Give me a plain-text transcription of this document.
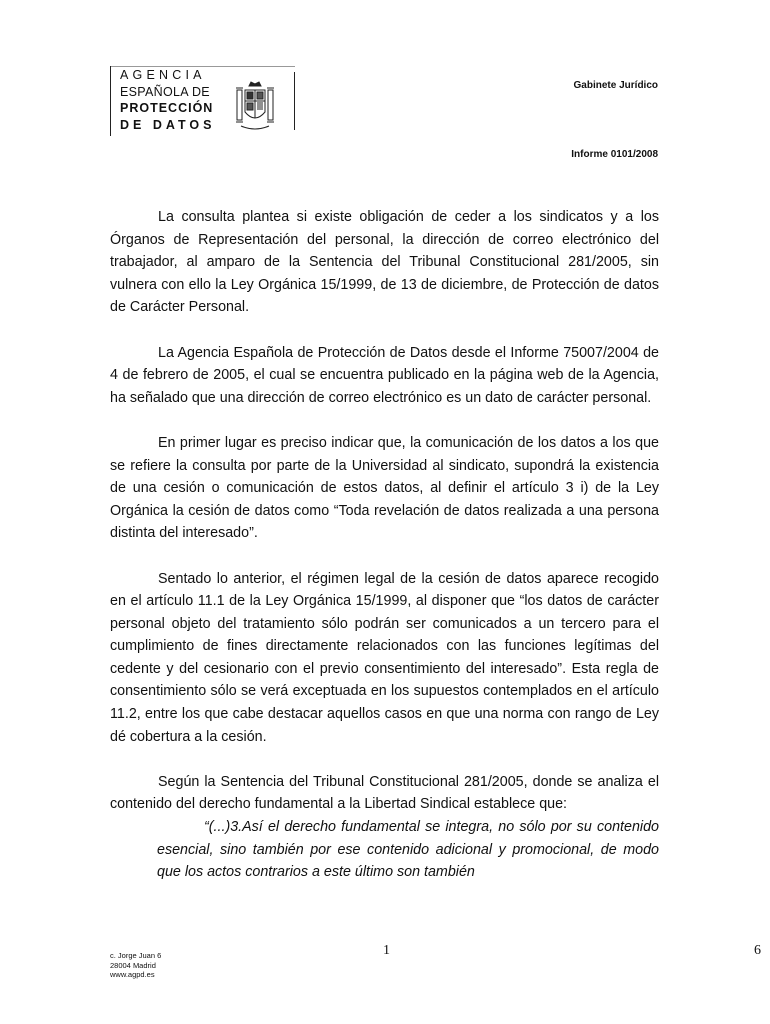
AGENCIA
ESPAÑOLA DE
PROTECCIÓN
DE DATOS
Gabinete Jurídico
Informe 0101/2008

La consulta plantea si existe obligación de ceder a los sindicatos y a los Órganos de Representación del personal, la dirección de correo electrónico del trabajador, al amparo de la Sentencia del Tribunal Constitucional 281/2005, sin vulnera con ello la Ley Orgánica 15/1999, de 13 de diciembre, de Protección de datos de Carácter Personal.

La Agencia Española de Protección de Datos desde el Informe 75007/2004 de 4 de febrero de 2005, el cual se encuentra publicado en la página web de la Agencia, ha señalado que una dirección de correo electrónico es un dato de carácter personal.

En primer lugar es preciso indicar que, la comunicación de los datos a los que se refiere la consulta por parte de la Universidad al sindicato, supondrá la existencia de una cesión o comunicación de estos datos, al definir el artículo 3 i) de la Ley Orgánica la cesión de datos como “Toda revelación de datos realizada a una persona distinta del interesado”.

Sentado lo anterior, el régimen legal de la cesión de datos aparece recogido en el artículo 11.1 de la Ley Orgánica 15/1999, al disponer que “los datos de carácter personal objeto del tratamiento sólo podrán ser comunicados a un tercero para el cumplimiento de fines directamente relacionados con las funciones legítimas del cedente y del cesionario con el previo consentimiento del interesado”. Esta regla de consentimiento sólo se verá exceptuada en los supuestos contemplados en el artículo 11.2, entre los que cabe destacar aquellos casos en que una norma con rango de Ley dé cobertura a la cesión.

Según la Sentencia del Tribunal Constitucional 281/2005, donde se analiza el contenido del derecho fundamental a la Libertad Sindical establece que:

“(...)3.Así el derecho fundamental se integra, no sólo por su contenido esencial, sino también por ese contenido adicional y promocional, de modo que los actos contrarios a este último son también

c. Jorge Juan 6
28004 Madrid
www.agpd.es
1	6
